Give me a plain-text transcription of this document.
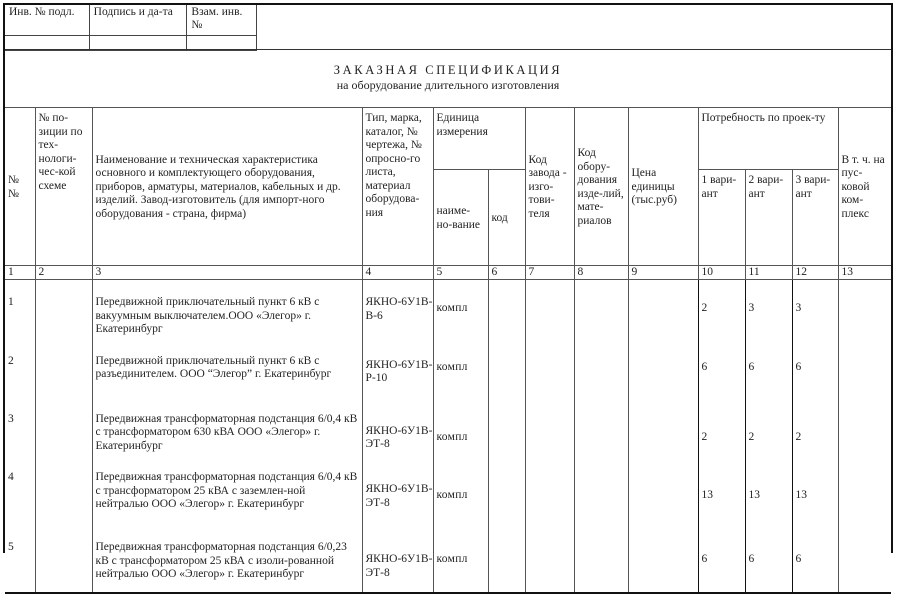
Инв. № подл.	Подпись и да-та	Взам. инв. №

ЗАКАЗНАЯ СПЕЦИФИКАЦИЯ
на оборудование длительного изготовления
№ №	№ по-зиции по тех-нологи-чес-кой схеме	Наименование и техническая характеристика основного и комплектующего оборудования, приборов, арматуры, материалов, кабельных и др. изделий. Завод-изготовитель (для импорт-ного оборудования - страна, фирма)	Тип, марка, каталог, № чертежа, № опросно-го листа, материал оборудова-ния	Единица измерения		Код завода - изго-тови-теля	Код обору-дования изде-лий, мате-риалов	Цена единицы (тыс.руб)	Потребность по проек-ту			В т. ч. на пус-ковой ком-плекс
				наиме-но-вание	код				1 вари-ант	2 вари-ант	3 вари-ант	
1	2	3	4	5	6	7	8	9	10	11	12	13
1		Передвижной приключательный пункт 6 кВ с вакуумным выключателем.ООО «Элегор» г. Екатеринбург	ЯКНО-6У1В-В-6	компл					2	3	3	
2		Передвижной приключательный пункт 6 кВ с разъединителем. ООО “Элегор” г. Екатеринбург	ЯКНО-6У1В-Р-10	компл					6	6	6	
3		Передвижная трансформаторная подстанция 6/0,4 кВ с трансформатором 630 кВА ООО «Элегор» г. Екатеринбург	ЯКНО-6У1В-ЭТ-8	компл					2	2	2	
4		Передвижная трансформаторная подстанция 6/0,4 кВ с трансформатором 25 кВА с заземлен-ной нейтралью ООО «Элегор» г. Екатеринбург	ЯКНО-6У1В-ЭТ-8	компл					13	13	13	
5		Передвижная трансформаторная подстанция 6/0,23 кВ с трансформатором 25 кВА с изоли-рованной нейтралью ООО «Элегор» г. Екатеринбург	ЯКНО-6У1В-ЭТ-8	компл					6	6	6	
